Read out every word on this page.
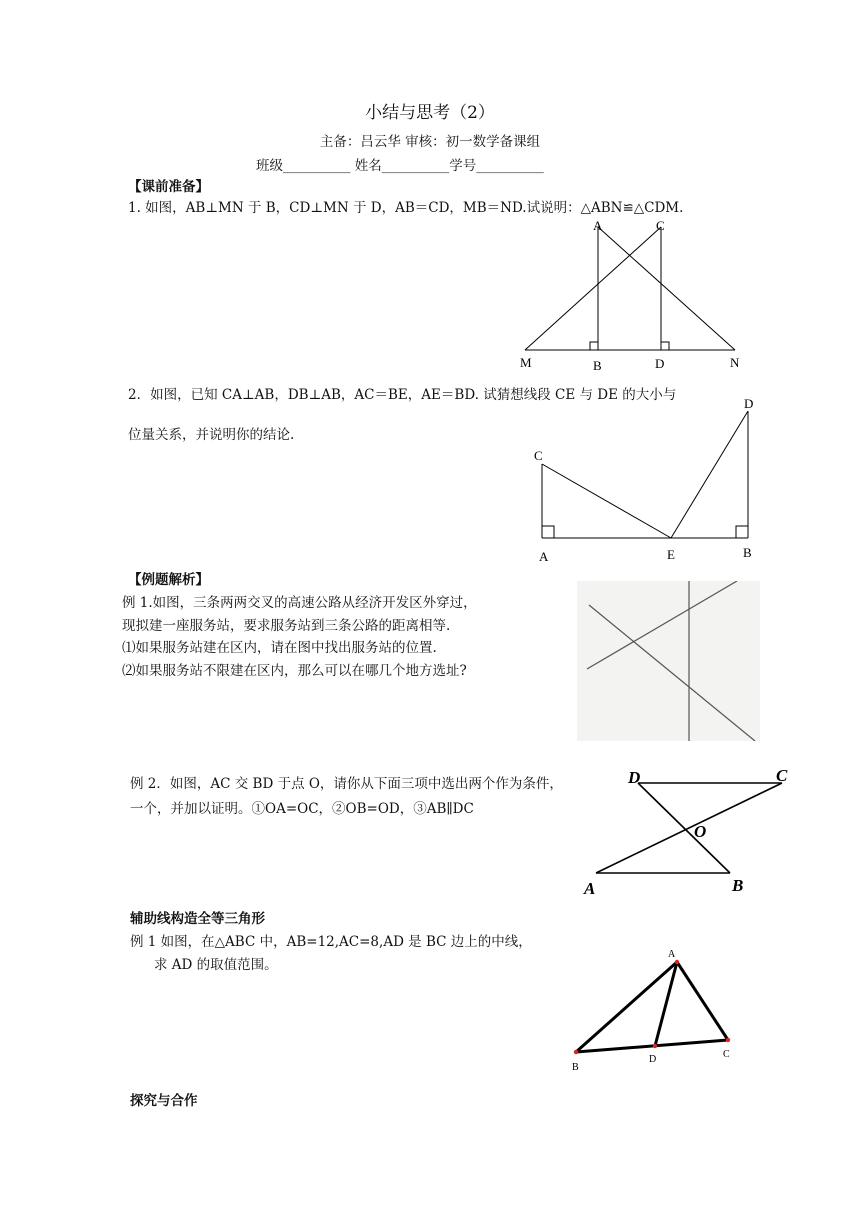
小结与思考（2）
主备：吕云华 审核：初一数学备课组
班级__________ 姓名__________学号__________
【课前准备】
1. 如图，AB⊥MN 于 B，CD⊥MN 于 D，AB＝CD，MB＝ND.试说明：△ABN≌△CDM.
A	C
M	B	D	N
2．如图，已知 CA⊥AB，DB⊥AB，AC＝BE，AE＝BD. 试猜想线段 CE 与 DE 的大小与
位量关系，并说明你的结论.
D
C
A	E	B
【例题解析】
例 1.如图，三条两两交叉的高速公路从经济开发区外穿过，
现拟建一座服务站，要求服务站到三条公路的距离相等.
⑴如果服务站建在区内，请在图中找出服务站的位置.
⑵如果服务站不限建在区内，那么可以在哪几个地方选址?
例 2．如图，AC 交 BD 于点 O，请你从下面三项中选出两个作为条件，
一个，并加以证明。①OA=OC，②OB=OD，③AB∥DC
D	C
O
A	B
辅助线构造全等三角形
例 1 如图，在△ABC 中，AB=12,AC=8,AD 是 BC 边上的中线，
求 AD 的取值范围。
A
B
D	C
探究与合作
